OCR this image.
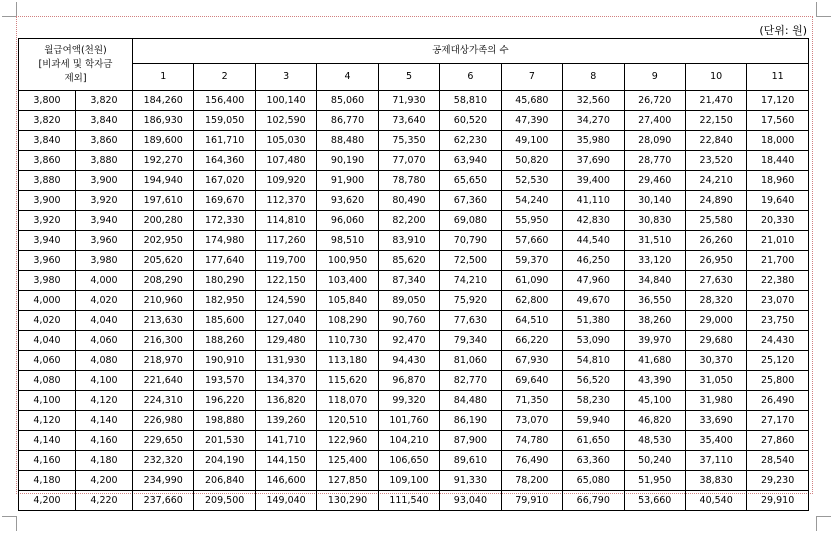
(단위: 원)
월급여액(천원)
[비과세 및 학자금
제외]		공제대상가족의 수										
		1	2	3	4	5	6	7	8	9	10	11
3,800	3,820	184,260	156,400	100,140	85,060	71,930	58,810	45,680	32,560	26,720	21,470	17,120
3,820	3,840	186,930	159,050	102,590	86,770	73,640	60,520	47,390	34,270	27,400	22,150	17,560
3,840	3,860	189,600	161,710	105,030	88,480	75,350	62,230	49,100	35,980	28,090	22,840	18,000
3,860	3,880	192,270	164,360	107,480	90,190	77,070	63,940	50,820	37,690	28,770	23,520	18,440
3,880	3,900	194,940	167,020	109,920	91,900	78,780	65,650	52,530	39,400	29,460	24,210	18,960
3,900	3,920	197,610	169,670	112,370	93,620	80,490	67,360	54,240	41,110	30,140	24,890	19,640
3,920	3,940	200,280	172,330	114,810	96,060	82,200	69,080	55,950	42,830	30,830	25,580	20,330
3,940	3,960	202,950	174,980	117,260	98,510	83,910	70,790	57,660	44,540	31,510	26,260	21,010
3,960	3,980	205,620	177,640	119,700	100,950	85,620	72,500	59,370	46,250	33,120	26,950	21,700
3,980	4,000	208,290	180,290	122,150	103,400	87,340	74,210	61,090	47,960	34,840	27,630	22,380
4,000	4,020	210,960	182,950	124,590	105,840	89,050	75,920	62,800	49,670	36,550	28,320	23,070
4,020	4,040	213,630	185,600	127,040	108,290	90,760	77,630	64,510	51,380	38,260	29,000	23,750
4,040	4,060	216,300	188,260	129,480	110,730	92,470	79,340	66,220	53,090	39,970	29,680	24,430
4,060	4,080	218,970	190,910	131,930	113,180	94,430	81,060	67,930	54,810	41,680	30,370	25,120
4,080	4,100	221,640	193,570	134,370	115,620	96,870	82,770	69,640	56,520	43,390	31,050	25,800
4,100	4,120	224,310	196,220	136,820	118,070	99,320	84,480	71,350	58,230	45,100	31,980	26,490
4,120	4,140	226,980	198,880	139,260	120,510	101,760	86,190	73,070	59,940	46,820	33,690	27,170
4,140	4,160	229,650	201,530	141,710	122,960	104,210	87,900	74,780	61,650	48,530	35,400	27,860
4,160	4,180	232,320	204,190	144,150	125,400	106,650	89,610	76,490	63,360	50,240	37,110	28,540
4,180	4,200	234,990	206,840	146,600	127,850	109,100	91,330	78,200	65,080	51,950	38,830	29,230
4,200	4,220	237,660	209,500	149,040	130,290	111,540	93,040	79,910	66,790	53,660	40,540	29,910
